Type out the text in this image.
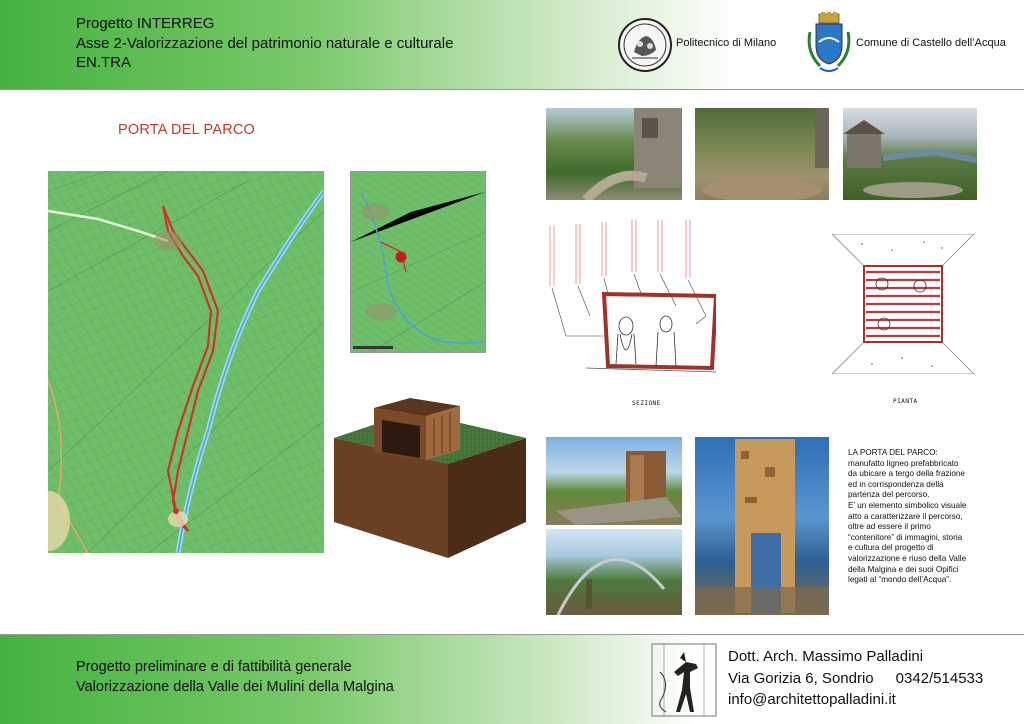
Progetto INTERREG
Asse 2-Valorizzazione del patrimonio naturale e culturale
EN.TRA
Politecnico di Milano	Comune di Castello dell’Acqua
PORTA DEL PARCO
SEZIONE	PIANTA
LA PORTA DEL PARCO:
manufatto ligneo prefabbricato
da ubicare a tergo della frazione
ed in corrispondenza della
partenza del percorso.
E’ un elemento simbolico visuale
atto a caratterizzare il percorso,
oltre ad essere il primo
“contenitore” di immagini, storia
e cultura del progetto di
valorizzazione e riuso della Valle
della Malgina e dei suoi Opifici
legati al “mondo dell’Acqua”.
Progetto preliminare e di fattibilità generale
Valorizzazione della Valle dei Mulini della Malgina
Dott. Arch. Massimo Palladini
Via Gorizia 6, Sondrio 0342/514533
info@architettopalladini.it
